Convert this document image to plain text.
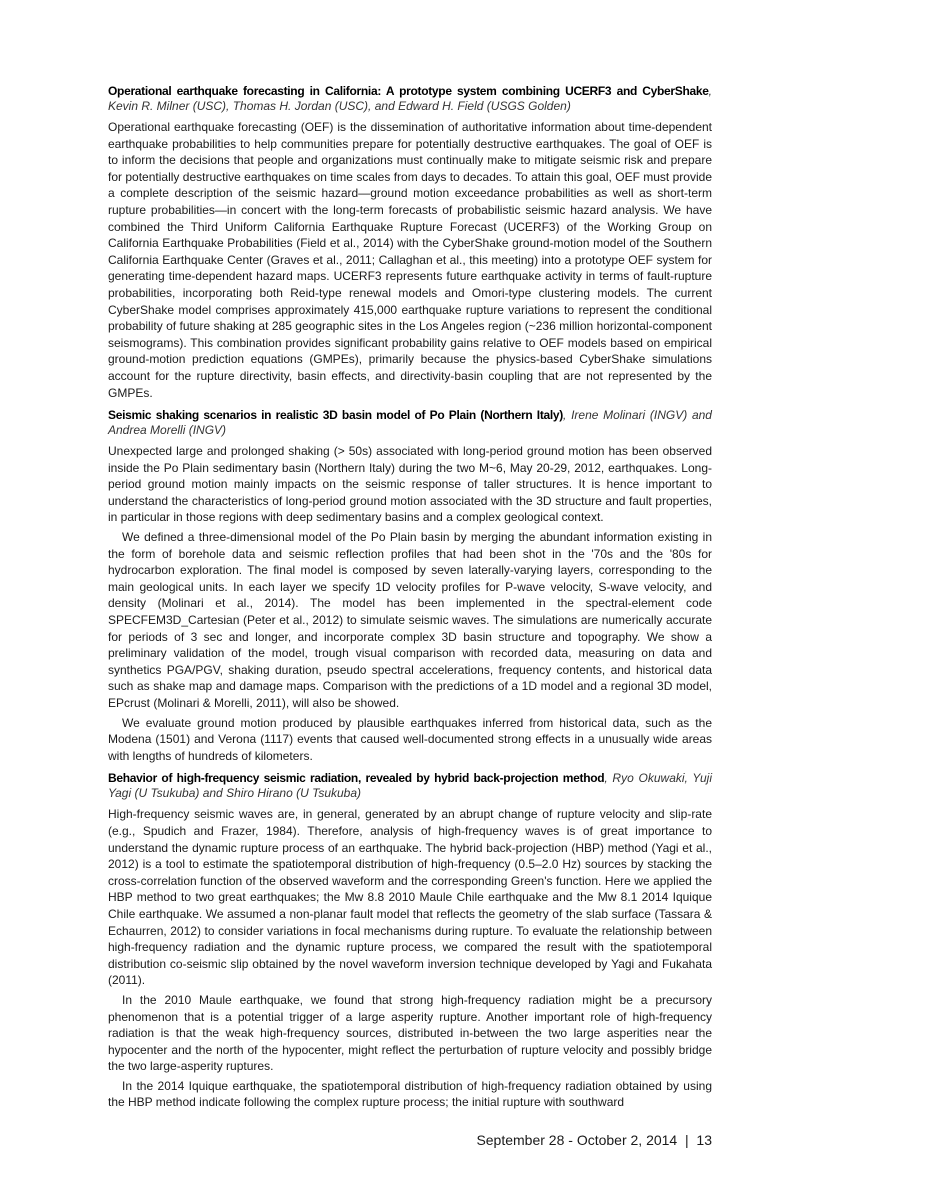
Operational earthquake forecasting in California: A prototype system combining UCERF3 and CyberShake, Kevin R. Milner (USC), Thomas H. Jordan (USC), and Edward H. Field (USGS Golden)

Operational earthquake forecasting (OEF) is the dissemination of authoritative information about time-dependent earthquake probabilities to help communities prepare for potentially destructive earthquakes. The goal of OEF is to inform the decisions that people and organizations must continually make to mitigate seismic risk and prepare for potentially destructive earthquakes on time scales from days to decades. To attain this goal, OEF must provide a complete description of the seismic hazard—ground motion exceedance probabilities as well as short-term rupture probabilities—in concert with the long-term forecasts of probabilistic seismic hazard analysis. We have combined the Third Uniform California Earthquake Rupture Forecast (UCERF3) of the Working Group on California Earthquake Probabilities (Field et al., 2014) with the CyberShake ground-motion model of the Southern California Earthquake Center (Graves et al., 2011; Callaghan et al., this meeting) into a prototype OEF system for generating time-dependent hazard maps. UCERF3 represents future earthquake activity in terms of fault-rupture probabilities, incorporating both Reid-type renewal models and Omori-type clustering models. The current CyberShake model comprises approximately 415,000 earthquake rupture variations to represent the conditional probability of future shaking at 285 geographic sites in the Los Angeles region (~236 million horizontal-component seismograms). This combination provides significant probability gains relative to OEF models based on empirical ground-motion prediction equations (GMPEs), primarily because the physics-based CyberShake simulations account for the rupture directivity, basin effects, and directivity-basin coupling that are not represented by the GMPEs.

Seismic shaking scenarios in realistic 3D basin model of Po Plain (Northern Italy), Irene Molinari (INGV) and Andrea Morelli (INGV)

Unexpected large and prolonged shaking (> 50s) associated with long-period ground motion has been observed inside the Po Plain sedimentary basin (Northern Italy) during the two M~6, May 20-29, 2012, earthquakes. Long-period ground motion mainly impacts on the seismic response of taller structures. It is hence important to understand the characteristics of long-period ground motion associated with the 3D structure and fault properties, in particular in those regions with deep sedimentary basins and a complex geological context.

We defined a three-dimensional model of the Po Plain basin by merging the abundant information existing in the form of borehole data and seismic reflection profiles that had been shot in the '70s and the '80s for hydrocarbon exploration. The final model is composed by seven laterally-varying layers, corresponding to the main geological units. In each layer we specify 1D velocity profiles for P-wave velocity, S-wave velocity, and density (Molinari et al., 2014). The model has been implemented in the spectral-element code SPECFEM3D_Cartesian (Peter et al., 2012) to simulate seismic waves. The simulations are numerically accurate for periods of 3 sec and longer, and incorporate complex 3D basin structure and topography. We show a preliminary validation of the model, trough visual comparison with recorded data, measuring on data and synthetics PGA/PGV, shaking duration, pseudo spectral accelerations, frequency contents, and historical data such as shake map and damage maps. Comparison with the predictions of a 1D model and a regional 3D model, EPcrust (Molinari & Morelli, 2011), will also be showed.

We evaluate ground motion produced by plausible earthquakes inferred from historical data, such as the Modena (1501) and Verona (1117) events that caused well-documented strong effects in a unusually wide areas with lengths of hundreds of kilometers.

Behavior of high-frequency seismic radiation, revealed by hybrid back-projection method, Ryo Okuwaki, Yuji Yagi (U Tsukuba) and Shiro Hirano (U Tsukuba)

High-frequency seismic waves are, in general, generated by an abrupt change of rupture velocity and slip-rate (e.g., Spudich and Frazer, 1984). Therefore, analysis of high-frequency waves is of great importance to understand the dynamic rupture process of an earthquake. The hybrid back-projection (HBP) method (Yagi et al., 2012) is a tool to estimate the spatiotemporal distribution of high-frequency (0.5–2.0 Hz) sources by stacking the cross-correlation function of the observed waveform and the corresponding Green's function. Here we applied the HBP method to two great earthquakes; the Mw 8.8 2010 Maule Chile earthquake and the Mw 8.1 2014 Iquique Chile earthquake. We assumed a non-planar fault model that reflects the geometry of the slab surface (Tassara & Echaurren, 2012) to consider variations in focal mechanisms during rupture. To evaluate the relationship between high-frequency radiation and the dynamic rupture process, we compared the result with the spatiotemporal distribution co-seismic slip obtained by the novel waveform inversion technique developed by Yagi and Fukahata (2011).

In the 2010 Maule earthquake, we found that strong high-frequency radiation might be a precursory phenomenon that is a potential trigger of a large asperity rupture. Another important role of high-frequency radiation is that the weak high-frequency sources, distributed in-between the two large asperities near the hypocenter and the north of the hypocenter, might reflect the perturbation of rupture velocity and possibly bridge the two large-asperity ruptures.

In the 2014 Iquique earthquake, the spatiotemporal distribution of high-frequency radiation obtained by using the HBP method indicate following the complex rupture process; the initial rupture with southward

September 28 - October 2, 2014  |  13
